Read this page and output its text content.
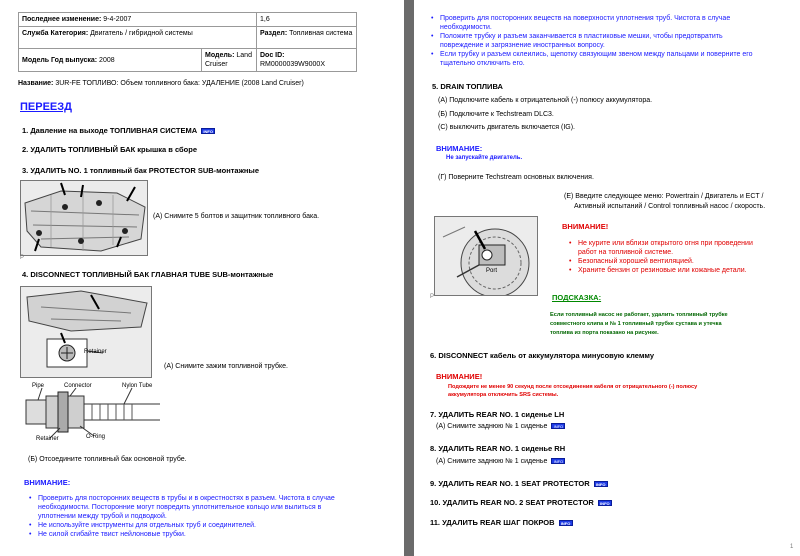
Последнее изменение: 9-4-2007		1,6
Служба Категория: Двигатель / гибридной системы		Раздел: Топливная система
Модель Год выпуска: 2008	Модель: Land Cruiser	Doc ID:
RM0000039W9000X
Название: 3UR-FE ТОПЛИВО: Объем топливного бака: УДАЛЕНИЕ (2008 Land Cruiser)
ПЕРЕЕЗД
1. Давление на выходе ТОПЛИВНАЯ СИСТЕМА INFO
2. УДАЛИТЬ ТОПЛИВНЫЙ БАК крышка в сборе
3. УДАЛИТЬ NO. 1 топливный бак PROTECTOR SUB-монтажные
P
(A) Снимите 5 болтов и защитник топливного бака.
4. DISCONNECT ТОПЛИВНЫЙ БАК ГЛАВНАЯ TUBE SUB-монтажные
Retainer
(A) Снимите зажим топливной трубке.
Pipe	Connector	Nylon Tube
Retainer	O-Ring
(Б) Отсоедините топливный бак основной трубе.
ВНИМАНИЕ:
• Проверить для посторонних веществ в трубы и в окрестностях в разъем. Чистота в случае
необходимости. Посторонние могут повредить уплотнительное кольцо или вылиться в
уплотнении между трубой и подводкой.
• Не используйте инструменты для отдельных труб и соединителей.
• Не силой сгибайте твист нейлоновые трубки.
• Проверить для посторонних веществ на поверхности уплотнения труб. Чистота в случае
необходимости.
• Положите трубку и разъем заканчивается в пластиковые мешки, чтобы предотвратить
повреждение и загрязнение иностранных вопросу.
• Если трубку и разъем склеились, щепотку связующим звеном между пальцами и поверните его
тщательно отключить его.
5. DRAIN ТОПЛИВА
(A) Подключите кабель к отрицательной (-) полюсу аккумулятора.
(Б) Подключите к Techstream DLC3.
(C) выключить двигатель включается (IG).
ВНИМАНИЕ:
Не запускайте двигатель.
(Г) Поверните Techstream основных включения.
(E) Введите следующее меню: Powertrain / Двигатель и ECT /
Активный испытаний / Control топливный насос / скорость.
Port
P
ВНИМАНИЕ!
• Не курите или вблизи открытого огня при проведении
работ на топливной системе.
• Безопасный хорошей вентиляцией.
• Храните бензин от резиновые или кожаные детали.
ПОДСКАЗКА:
Если топливный насос не работает, удалить топливный трубке
совместного клипа и № 1 топливный трубке сустава и утечка
топлива из порта показано на рисунке.
6. DISCONNECT кабель от аккумулятора минусовую клемму
ВНИМАНИЕ!
Подождите не менее 90 секунд после отсоединения кабеля от отрицательного (-) полюсу
аккумулятора отключить SRS системы.
7. УДАЛИТЬ REAR NO. 1 сиденье LH
(A) Снимите заднюю № 1 сиденье INFO
8. УДАЛИТЬ REAR NO. 1 сиденье RH
(A) Снимите заднюю № 1 сиденье INFO
9. УДАЛИТЬ REAR NO. 1 SEAT PROTECTOR INFO
10. УДАЛИТЬ REAR NO. 2 SEAT PROTECTOR INFO
11. УДАЛИТЬ REAR ШАГ ПОКРОВ INFO
1
